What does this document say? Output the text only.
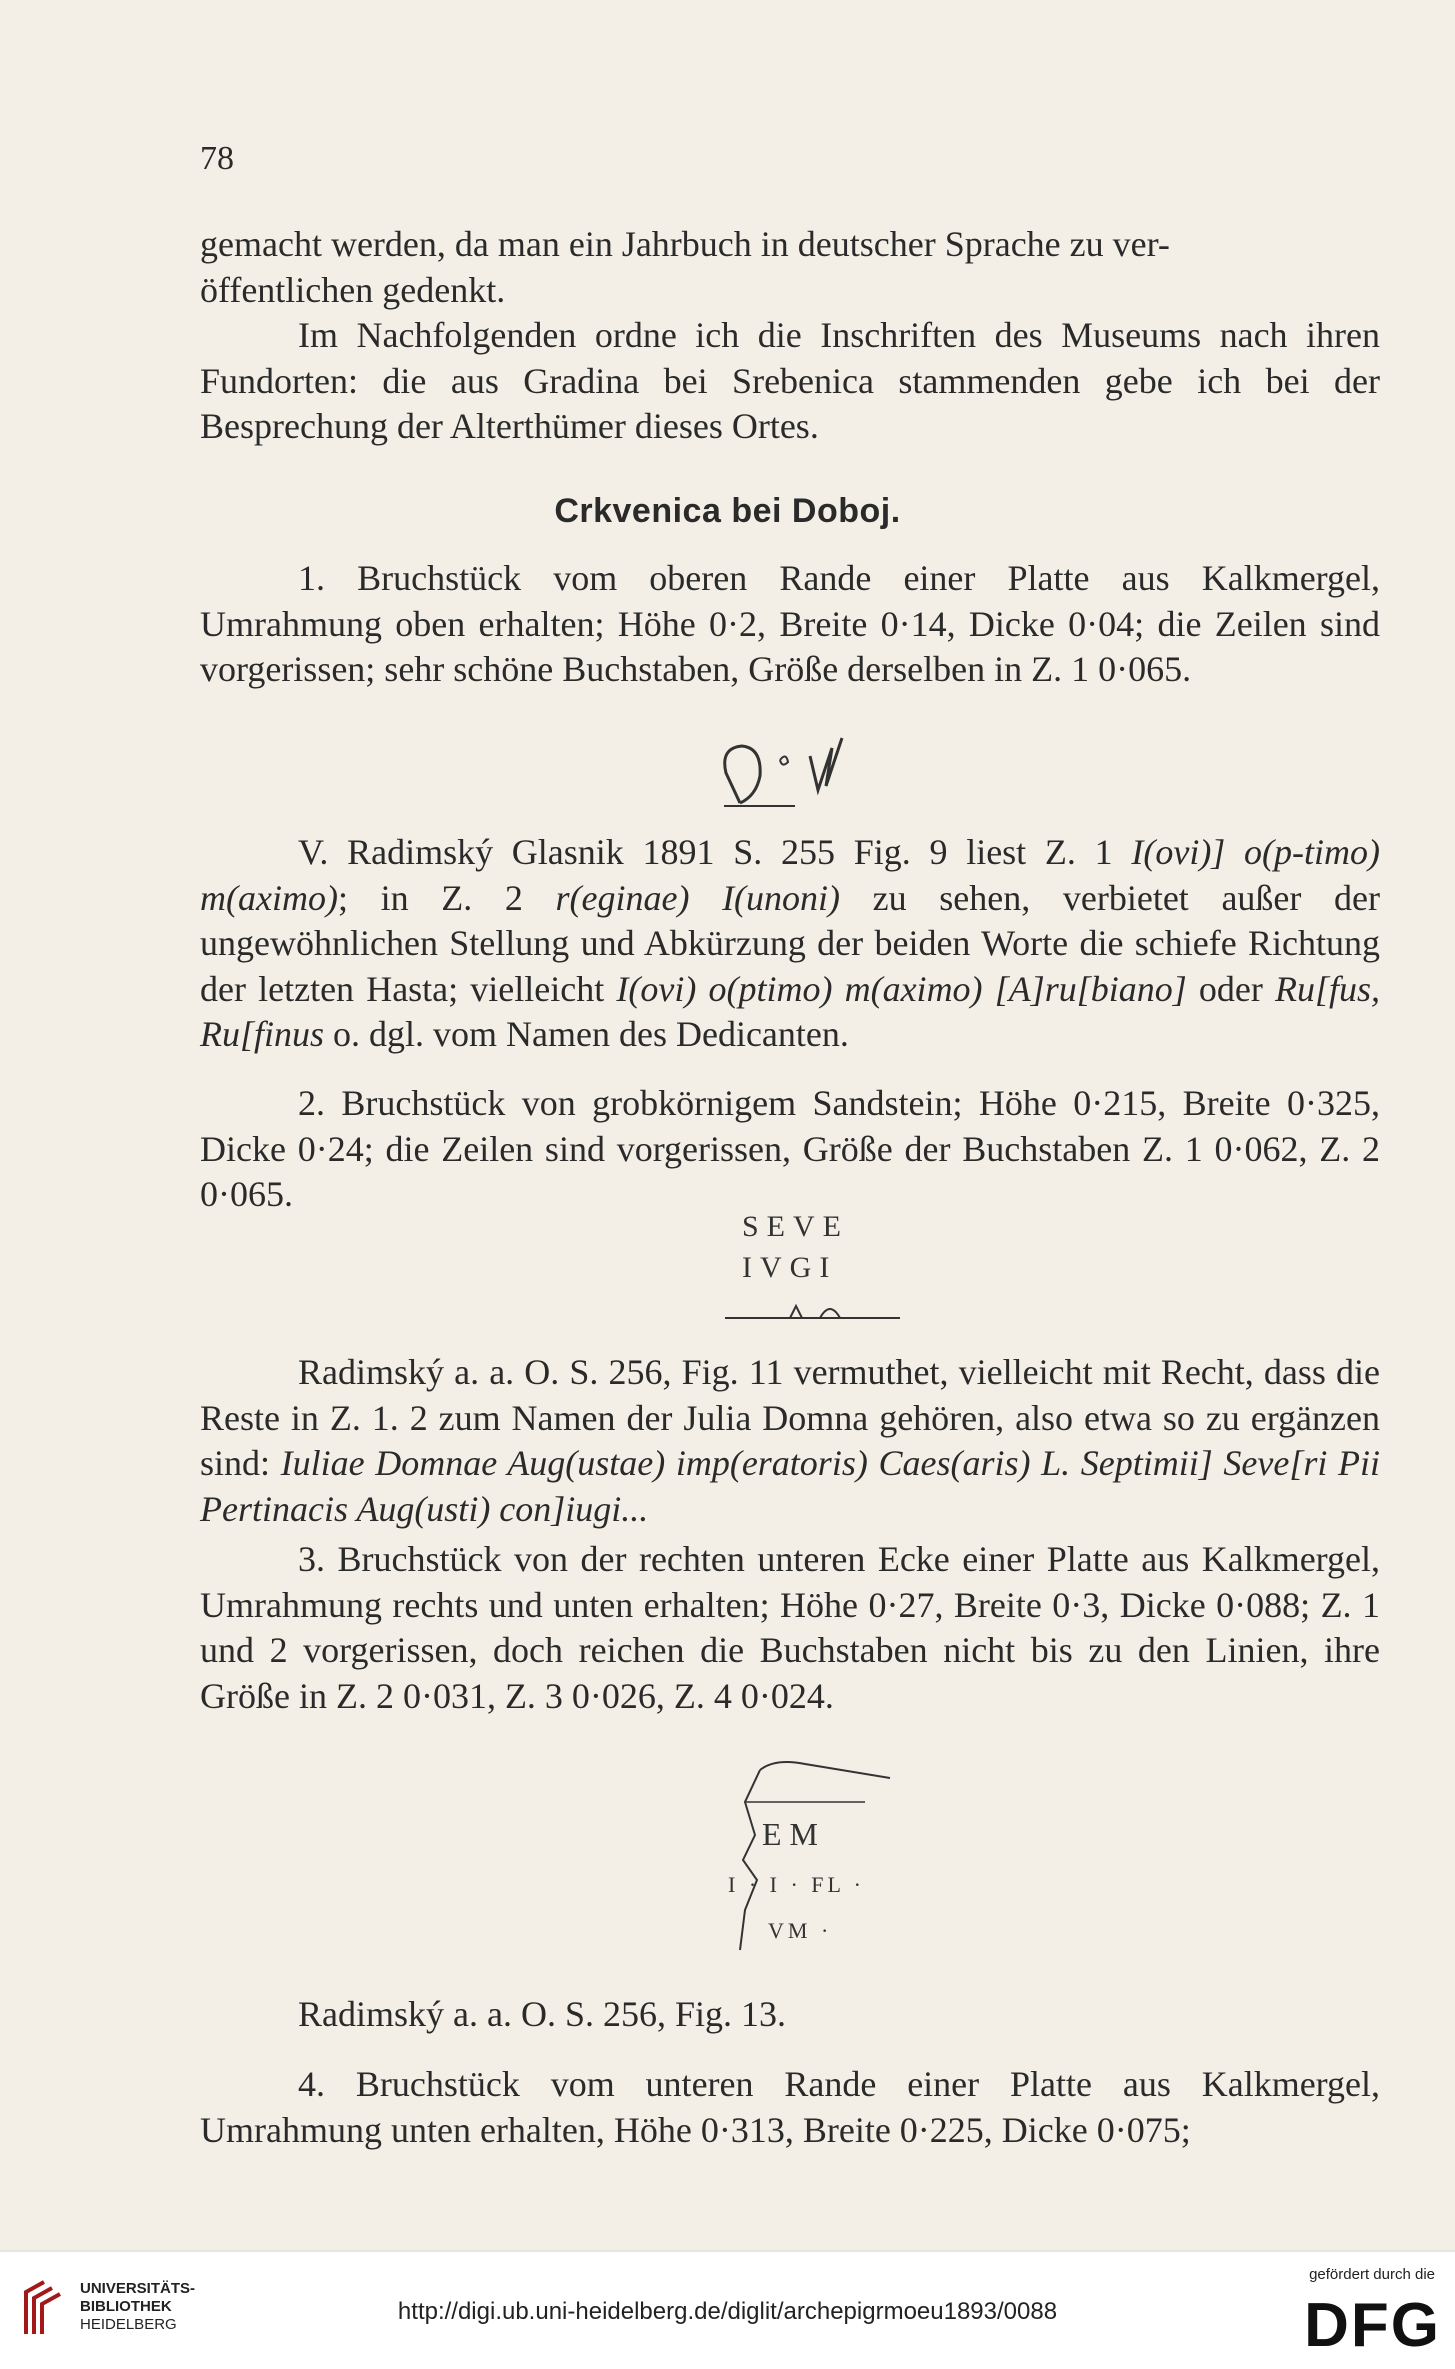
78

gemacht werden, da man ein Jahrbuch in deutscher Sprache zu ver-

öffentlichen gedenkt.

Im Nachfolgenden ordne ich die Inschriften des Museums nach ihren Fundorten: die aus Gradina bei Srebenica stammenden gebe ich bei der Besprechung der Alterthümer dieses Ortes.

Crkvenica bei Doboj.

1. Bruchstück vom oberen Rande einer Platte aus Kalkmergel, Umrahmung oben erhalten; Höhe 0·2, Breite 0·14, Dicke 0·04; die Zeilen sind vorgerissen; sehr schöne Buchstaben, Größe derselben in Z. 1 0·065.

V. Radimský Glasnik 1891 S. 255 Fig. 9 liest Z. 1 I(ovi)] o(p-timo) m(aximo); in Z. 2 r(eginae) I(unoni) zu sehen, verbietet außer der ungewöhnlichen Stellung und Abkürzung der beiden Worte die schiefe Richtung der letzten Hasta; vielleicht I(ovi) o(ptimo) m(aximo) [A]ru[biano] oder Ru[fus, Ru[finus o. dgl. vom Namen des Dedicanten.

2. Bruchstück von grobkörnigem Sandstein; Höhe 0·215, Breite 0·325, Dicke 0·24; die Zeilen sind vorgerissen, Größe der Buchstaben Z. 1 0·062, Z. 2 0·065.

SEVE
IVGI

Radimský a. a. O. S. 256, Fig. 11 vermuthet, vielleicht mit Recht, dass die Reste in Z. 1. 2 zum Namen der Julia Domna gehören, also etwa so zu ergänzen sind: Iuliae Domnae Aug(ustae) imp(eratoris) Caes(aris) L. Septimii] Seve[ri Pii Pertinacis Aug(usti) con]iugi...

3. Bruchstück von der rechten unteren Ecke einer Platte aus Kalkmergel, Umrahmung rechts und unten erhalten; Höhe 0·27, Breite 0·3, Dicke 0·088; Z. 1 und 2 vorgerissen, doch reichen die Buchstaben nicht bis zu den Linien, ihre Größe in Z. 2 0·031, Z. 3 0·026, Z. 4 0·024.

EM
I · I · FL ·
VM ·

Radimský a. a. O. S. 256, Fig. 13.

4. Bruchstück vom unteren Rande einer Platte aus Kalkmergel, Umrahmung unten erhalten, Höhe 0·313, Breite 0·225, Dicke 0·075;

UNIVERSITÄTS-
BIBLIOTHEK
HEIDELBERG	http://digi.ub.uni-heidelberg.de/diglit/archepigrmoeu1893/0088
gefördert durch die
DFG
